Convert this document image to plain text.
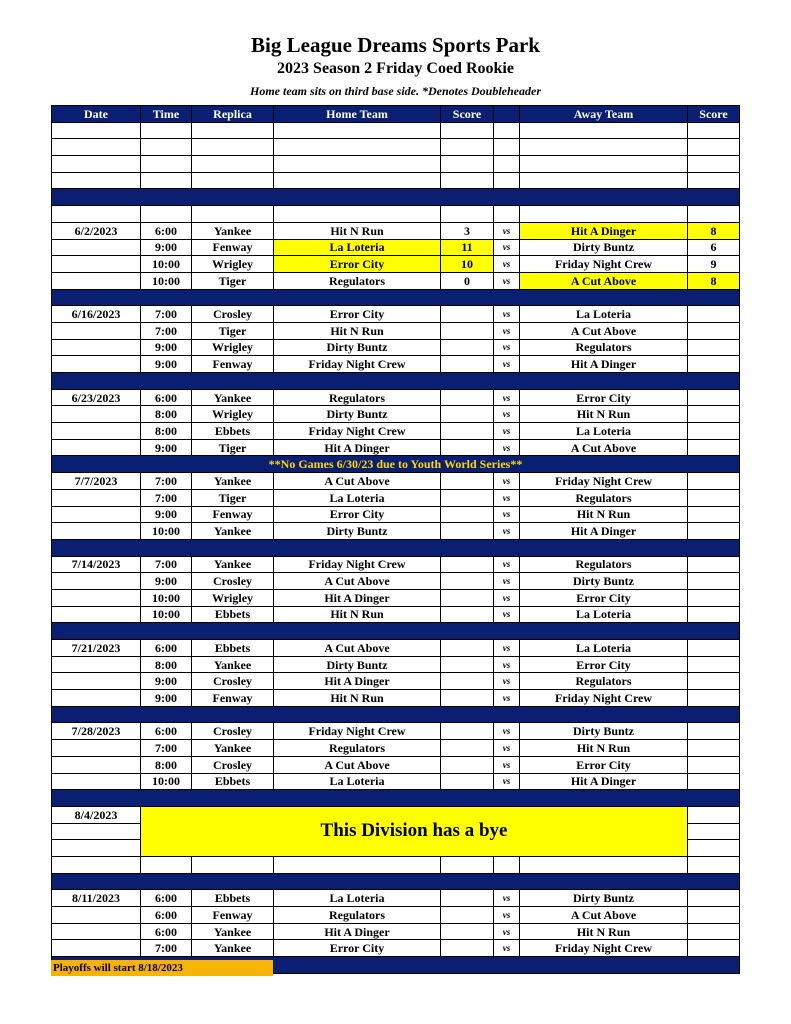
Big League Dreams Sports Park
2023 Season 2 Friday Coed Rookie
Home team sits on third base side. *Denotes Doubleheader
Date	Time	Replica	Home Team	Score		Away Team	Score

6/2/2023	6:00	Yankee	Hit N Run	3	vs	Hit A Dinger	8
	9:00	Fenway	La Loteria	11	vs	Dirty Buntz	6
	10:00	Wrigley	Error City	10	vs	Friday Night Crew	9
	10:00	Tiger	Regulators	0	vs	A Cut Above	8

6/16/2023	7:00	Crosley	Error City		vs	La Loteria	
	7:00	Tiger	Hit N Run		vs	A Cut Above	
	9:00	Wrigley	Dirty Buntz		vs	Regulators	
	9:00	Fenway	Friday Night Crew		vs	Hit A Dinger	

6/23/2023	6:00	Yankee	Regulators		vs	Error City	
	8:00	Wrigley	Dirty Buntz		vs	Hit N Run	
	8:00	Ebbets	Friday Night Crew		vs	La Loteria	
	9:00	Tiger	Hit A Dinger		vs	A Cut Above	
**No Games 6/30/23 due to Youth World Series**							
7/7/2023	7:00	Yankee	A Cut Above		vs	Friday Night Crew	
	7:00	Tiger	La Loteria		vs	Regulators	
	9:00	Fenway	Error City		vs	Hit N Run	
	10:00	Yankee	Dirty Buntz		vs	Hit A Dinger	

7/14/2023	7:00	Yankee	Friday Night Crew		vs	Regulators	
	9:00	Crosley	A Cut Above		vs	Dirty Buntz	
	10:00	Wrigley	Hit A Dinger		vs	Error City	
	10:00	Ebbets	Hit N Run		vs	La Loteria	

7/21/2023	6:00	Ebbets	A Cut Above		vs	La Loteria	
	8:00	Yankee	Dirty Buntz		vs	Error City	
	9:00	Crosley	Hit A Dinger		vs	Regulators	
	9:00	Fenway	Hit N Run		vs	Friday Night Crew	

7/28/2023	6:00	Crosley	Friday Night Crew		vs	Dirty Buntz	
	7:00	Yankee	Regulators		vs	Hit N Run	
	8:00	Crosley	A Cut Above		vs	Error City	
	10:00	Ebbets	La Loteria		vs	Hit A Dinger	

8/4/2023	This Division has a bye						

8/11/2023	6:00	Ebbets	La Loteria		vs	Dirty Buntz	
	6:00	Fenway	Regulators		vs	A Cut Above	
	6:00	Yankee	Hit A Dinger		vs	Hit N Run	
	7:00	Yankee	Error City		vs	Friday Night Crew	

Playoffs will start 8/18/2023
